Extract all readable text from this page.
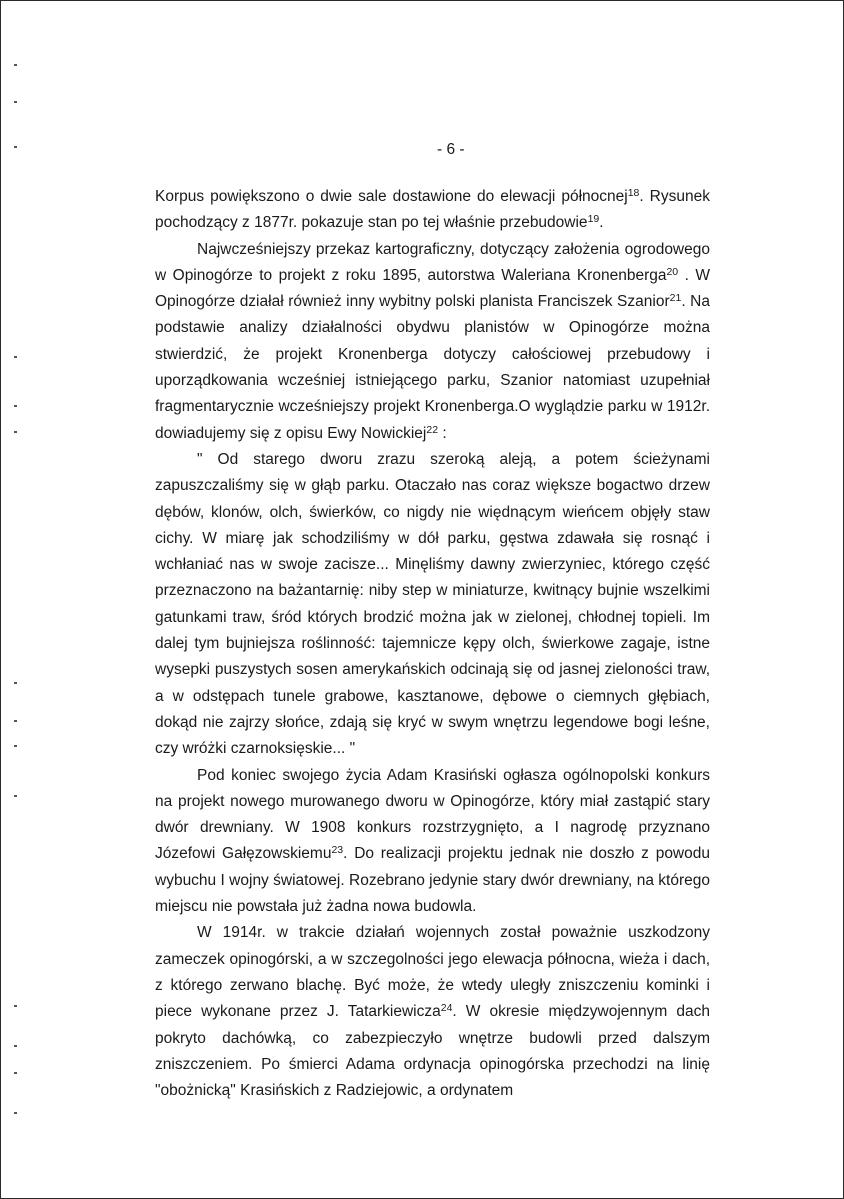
- 6 -

Korpus powiększono o dwie sale dostawione do elewacji północnej$^{18}$. Rysunek pochodzący z 1877r. pokazuje stan po tej właśnie przebudowie$^{19}$.

Najwcześniejszy przekaz kartograficzny, dotyczący założenia ogrodowego w Opinogórze to projekt z roku 1895, autorstwa Waleriana Kronenberga$^{20}$ . W Opinogórze działał również inny wybitny polski planista Franciszek Szanior$^{21}$. Na podstawie analizy działalności obydwu planistów w Opinogórze można stwierdzić, że projekt Kronenberga dotyczy całościowej przebudowy i uporządkowania wcześniej istniejącego parku, Szanior natomiast uzupełniał fragmentarycznie wcześniejszy projekt Kronenberga.O wyglądzie parku w 1912r. dowiadujemy się z opisu Ewy Nowickiej$^{22}$ :

" Od starego dworu zrazu szeroką aleją, a potem ścieżynami zapuszczaliśmy się w głąb parku. Otaczało nas coraz większe bogactwo drzew dębów, klonów, olch, świerków, co nigdy nie więdnącym wieńcem objęły staw cichy. W miarę jak schodziliśmy w dół parku, gęstwa zdawała się rosnąć i wchłaniać nas w swoje zacisze... Minęliśmy dawny zwierzyniec, którego część przeznaczono na bażantarnię: niby step w miniaturze, kwitnący bujnie wszelkimi gatunkami traw, śród których brodzić można jak w zielonej, chłodnej topieli. Im dalej tym bujniejsza roślinność: tajemnicze kępy olch, świerkowe zagaje, istne wysepki puszystych sosen amerykańskich odcinają się od jasnej zieloności traw, a w odstępach tunele grabowe, kasztanowe, dębowe o ciemnych głębiach, dokąd nie zajrzy słońce, zdają się kryć w swym wnętrzu legendowe bogi leśne, czy wróżki czarnoksięskie... "

Pod koniec swojego życia Adam Krasiński ogłasza ogólnopolski konkurs na projekt nowego murowanego dworu w Opinogórze, który miał zastąpić stary dwór drewniany. W 1908 konkurs rozstrzygnięto, a I nagrodę przyznano Józefowi Gałęzowskiemu$^{23}$. Do realizacji projektu jednak nie doszło z powodu wybuchu I wojny światowej. Rozebrano jedynie stary dwór drewniany, na którego miejscu nie powstała już żadna nowa budowla.

W 1914r. w trakcie działań wojennych został poważnie uszkodzony zameczek opinogórski, a w szczegolności jego elewacja północna, wieża i dach, z którego zerwano blachę. Być może, że wtedy uległy zniszczeniu kominki i piece wykonane przez J. Tatarkiewicza$^{24}$. W okresie międzywojennym dach pokryto dachówką, co zabezpieczyło wnętrze budowli przed dalszym zniszczeniem. Po śmierci Adama ordynacja opinogórska przechodzi na linię "obożnicką" Krasińskich z Radziejowic, a ordynatem
